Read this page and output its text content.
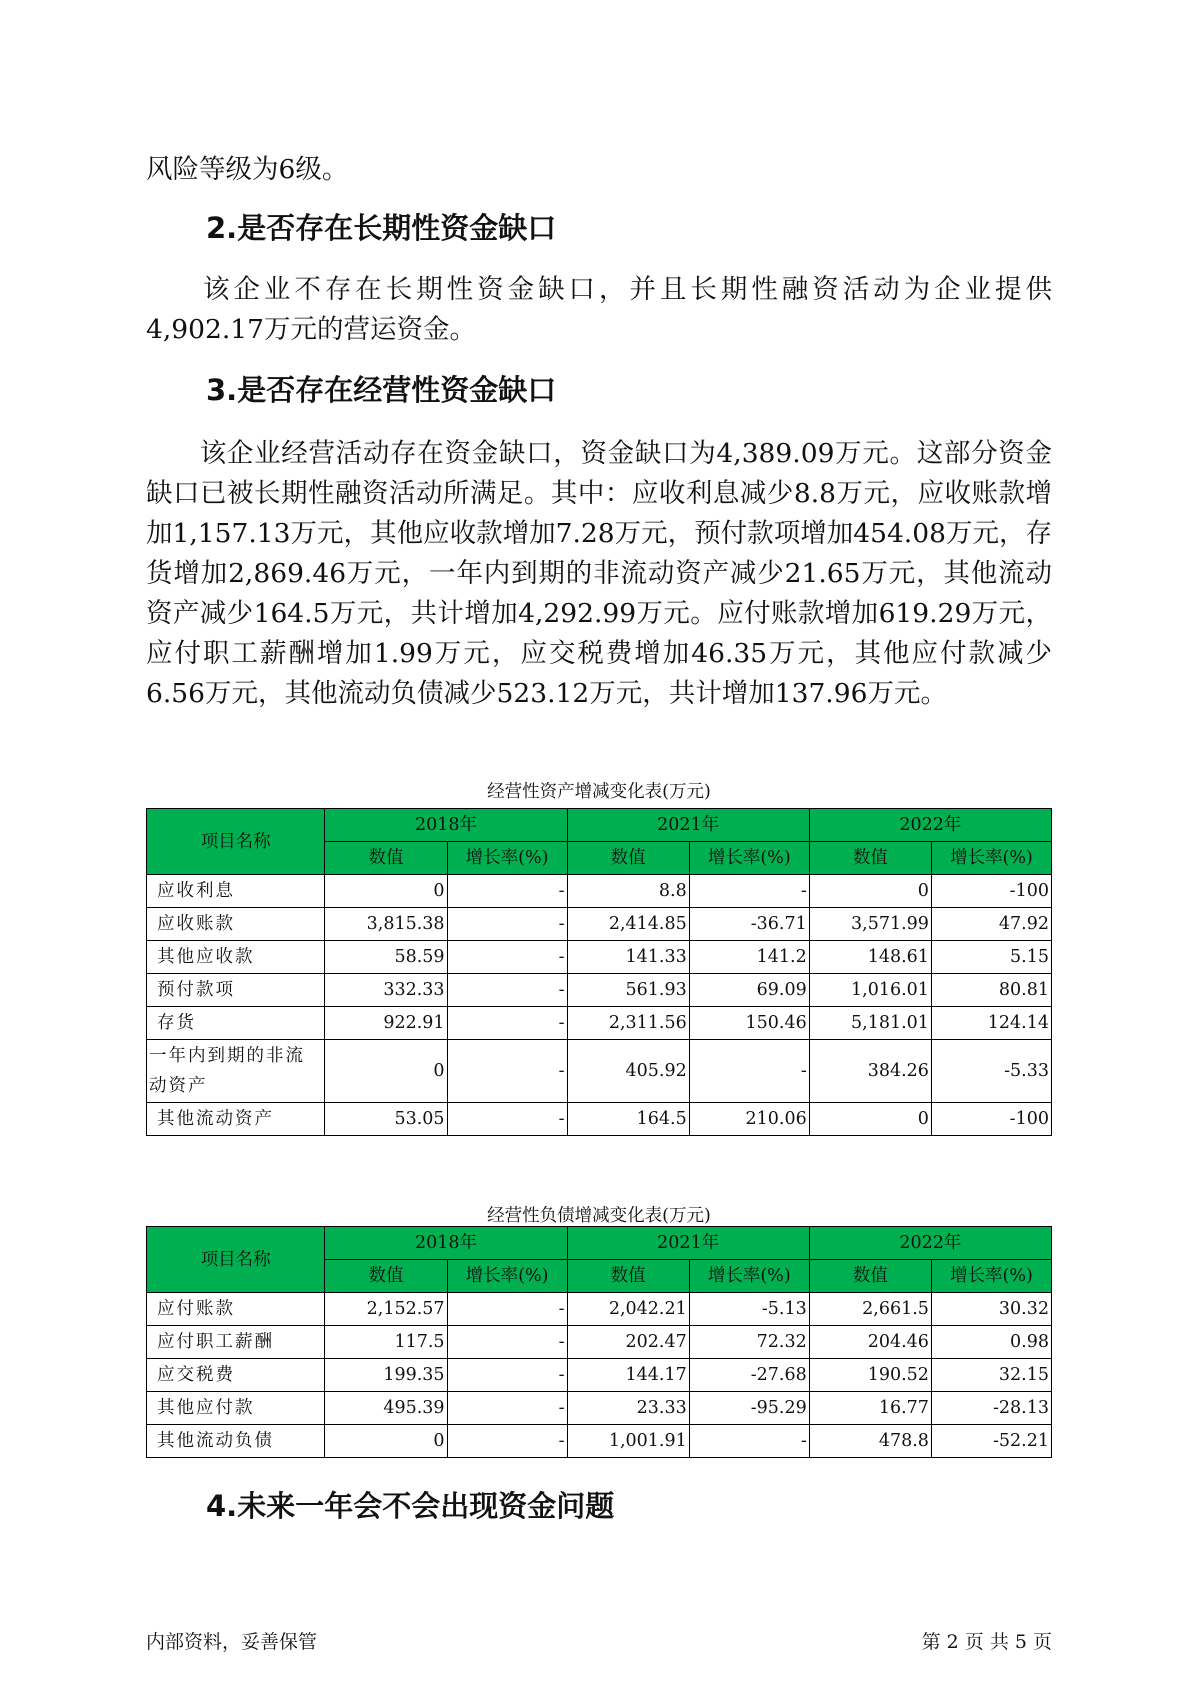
风险等级为6级。

2.是否存在长期性资金缺口

该企业不存在长期性资金缺口，并且长期性融资活动为企业提供4,902.17万元的营运资金。

3.是否存在经营性资金缺口

该企业经营活动存在资金缺口，资金缺口为4,389.09万元。这部分资金缺口已被长期性融资活动所满足。其中：应收利息减少8.8万元，应收账款增加1,157.13万元，其他应收款增加7.28万元，预付款项增加454.08万元，存货增加2,869.46万元，一年内到期的非流动资产减少21.65万元，其他流动资产减少164.5万元，共计增加4,292.99万元。应付账款增加619.29万元，应付职工薪酬增加1.99万元，应交税费增加46.35万元，其他应付款减少6.56万元，其他流动负债减少523.12万元，共计增加137.96万元。

经营性资产增减变化表(万元)
项目名称	2018年		2021年		2022年	
	数值	增长率(%)	数值	增长率(%)	数值	增长率(%)
应收利息	0	-	8.8	-	0	-100
应收账款	3,815.38	-	2,414.85	-36.71	3,571.99	47.92
其他应收款	58.59	-	141.33	141.2	148.61	5.15
预付款项	332.33	-	561.93	69.09	1,016.01	80.81
存货	922.91	-	2,311.56	150.46	5,181.01	124.14
一年内到期的非流动资产	0	-	405.92	-	384.26	-5.33
其他流动资产	53.05	-	164.5	210.06	0	-100
经营性负债增减变化表(万元)
项目名称	2018年		2021年		2022年	
	数值	增长率(%)	数值	增长率(%)	数值	增长率(%)
应付账款	2,152.57	-	2,042.21	-5.13	2,661.5	30.32
应付职工薪酬	117.5	-	202.47	72.32	204.46	0.98
应交税费	199.35	-	144.17	-27.68	190.52	32.15
其他应付款	495.39	-	23.33	-95.29	16.77	-28.13
其他流动负债	0	-	1,001.91	-	478.8	-52.21
4.未来一年会不会出现资金问题
内部资料，妥善保管	第 2 页 共 5 页
